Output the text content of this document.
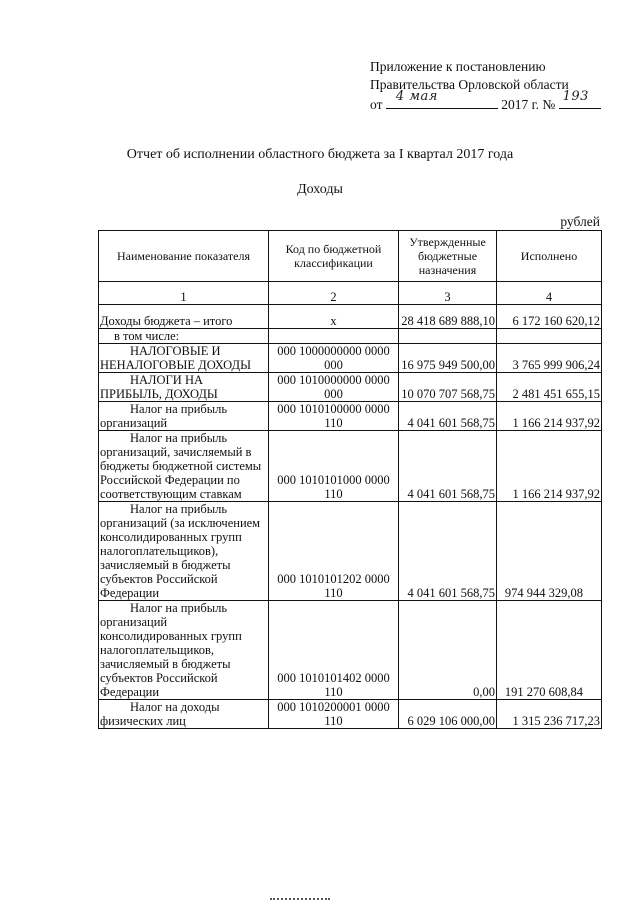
Приложение к постановлению
Правительства Орловской области
от
4 мая
2017 г. №
193
Отчет об исполнении областного бюджета за I квартал 2017 года
Доходы
рублей
Наименование показателя	Код по бюджетной классификации	Утвержденные бюджетные назначения	Исполнено
1	2	3	4
Доходы бюджета – итого	х	28 418 689 888,10	6 172 160 620,12
в том числе:			
НАЛОГОВЫЕ И НЕНАЛОГОВЫЕ ДОХОДЫ	000 1000000000 0000 000	16 975 949 500,00	3 765 999 906,24
НАЛОГИ НА ПРИБЫЛЬ, ДОХОДЫ	000 1010000000 0000 000	10 070 707 568,75	2 481 451 655,15
Налог на прибыль организаций	000 1010100000 0000 110	4 041 601 568,75	1 166 214 937,92
Налог на прибыль организаций, зачисляемый в бюджеты бюджетной системы Российской Федерации по соответствующим ставкам	000 1010101000 0000 110	4 041 601 568,75	1 166 214 937,92
Налог на прибыль организаций (за исключением консолидированных групп налогоплательщиков), зачисляемый в бюджеты субъектов Российской Федерации	000 1010101202 0000 110	4 041 601 568,75	974 944 329,08
Налог на прибыль организаций консолидированных групп налогоплательщиков, зачисляемый в бюджеты субъектов Российской Федерации	000 1010101402 0000 110	0,00	191 270 608,84
Налог на доходы физических лиц	000 1010200001 0000 110	6 029 106 000,00	1 315 236 717,23
